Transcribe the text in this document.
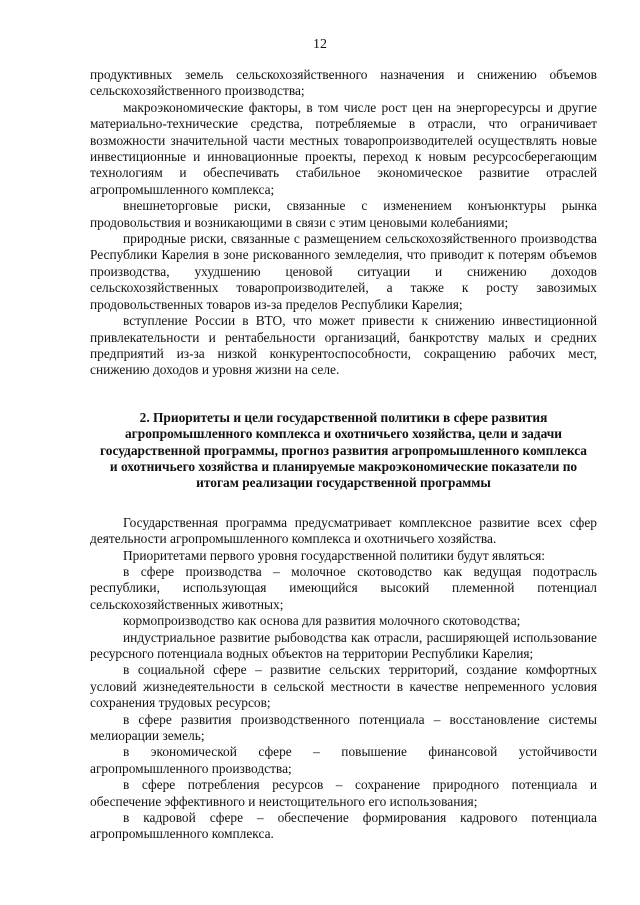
12

продуктивных земель сельскохозяйственного назначения и снижению объемов сельскохозяйственного производства;

макроэкономические факторы, в том числе рост цен на энергоресурсы и другие материально-технические средства, потребляемые в отрасли, что ограничивает возможности значительной части местных товаропроизводителей осуществлять новые инвестиционные и инновационные проекты, переход к новым ресурсосберегающим технологиям и обеспечивать стабильное экономическое развитие отраслей агропромышленного комплекса;

внешнеторговые риски, связанные с изменением конъюнктуры рынка продовольствия и возникающими в связи с этим ценовыми колебаниями;

природные риски, связанные с размещением сельскохозяйственного производства Республики Карелия в зоне рискованного земледелия, что приводит к потерям объемов производства, ухудшению ценовой ситуации и снижению доходов сельскохозяйственных товаропроизводителей, а также к росту завозимых продовольственных товаров из-за пределов Республики Карелия;

вступление России в ВТО, что может привести к снижению инвестиционной привлекательности и рентабельности организаций, банкротству малых и средних предприятий из-за низкой конкурентоспособности, сокращению рабочих мест, снижению доходов и уровня жизни на селе.

2. Приоритеты и цели государственной политики в сфере развития агропромышленного комплекса и охотничьего хозяйства, цели и задачи государственной программы, прогноз развития агропромышленного комплекса и охотничьего хозяйства и планируемые макроэкономические показатели по итогам реализации государственной программы

Государственная программа предусматривает комплексное развитие всех сфер деятельности агропромышленного комплекса и охотничьего хозяйства.

Приоритетами первого уровня государственной политики будут являться:

в сфере производства – молочное скотоводство как ведущая подотрасль республики, использующая имеющийся высокий племенной потенциал сельскохозяйственных животных;

кормопроизводство как основа для развития молочного скотоводства;

индустриальное развитие рыбоводства как отрасли, расширяющей использование ресурсного потенциала водных объектов на территории Республики Карелия;

в социальной сфере – развитие сельских территорий, создание комфортных условий жизнедеятельности в сельской местности в качестве непременного условия сохранения трудовых ресурсов;

в сфере развития производственного потенциала – восстановление системы мелиорации земель;

в экономической сфере – повышение финансовой устойчивости агропромышленного производства;

в сфере потребления ресурсов – сохранение природного потенциала и обеспечение эффективного и неистощительного его использования;

в кадровой сфере – обеспечение формирования кадрового потенциала агропромышленного комплекса.
